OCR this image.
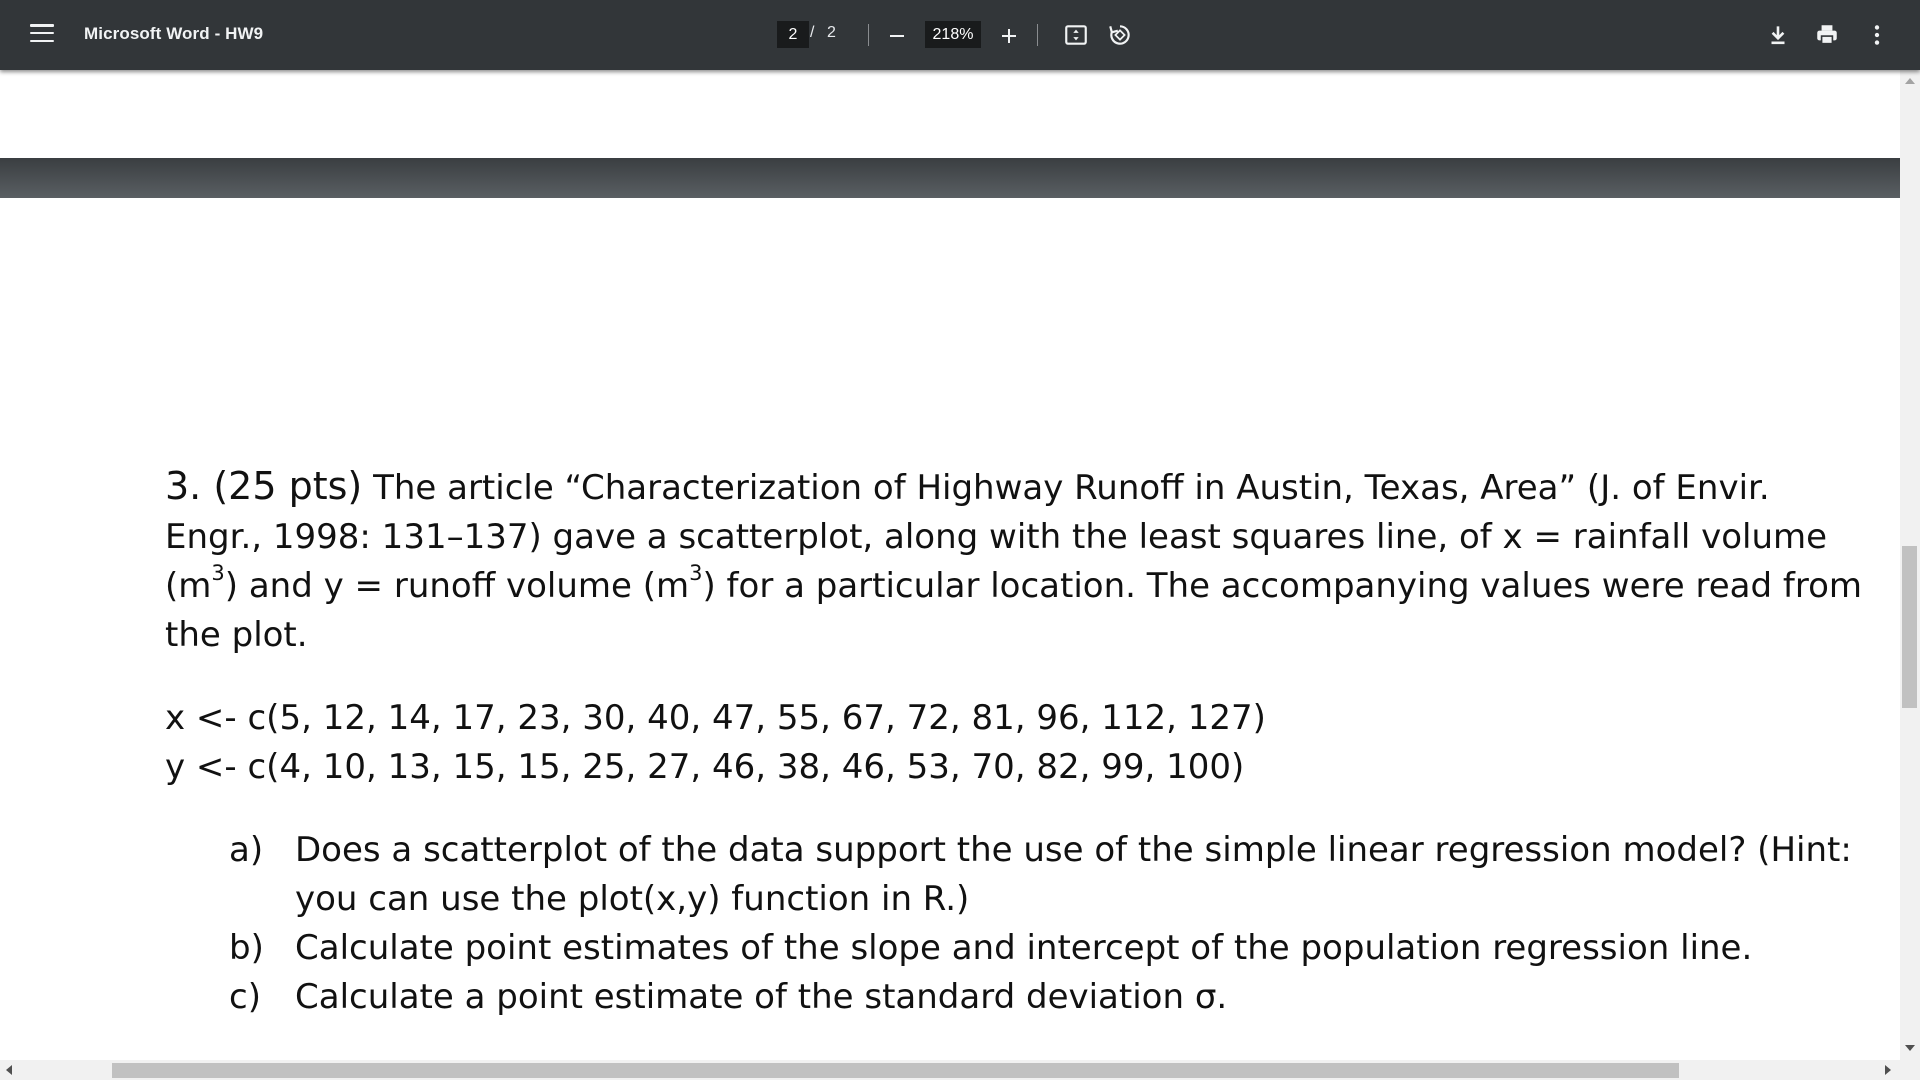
Microsoft Word - HW9	2 / 2	218%

3. (25 pts) The article “Characterization of Highway Runoff in Austin, Texas, Area” (J. of Envir. Engr., 1998: 131–137) gave a scatterplot, along with the least squares line, of x = rainfall volume $(m^3)$ and y = runoff volume $(m^3)$ for a particular location. The accompanying values were read from the plot.

x <- c(5, 12, 14, 17, 23, 30, 40, 47, 55, 67, 72, 81, 96, 112, 127)
y <- c(4, 10, 13, 15, 15, 25, 27, 46, 38, 46, 53, 70, 82, 99, 100)
a) Does a scatterplot of the data support the use of the simple linear regression model? (Hint: you can use the plot(x,y) function in R.)
b) Calculate point estimates of the slope and intercept of the population regression line.
c) Calculate a point estimate of the standard deviation σ.
